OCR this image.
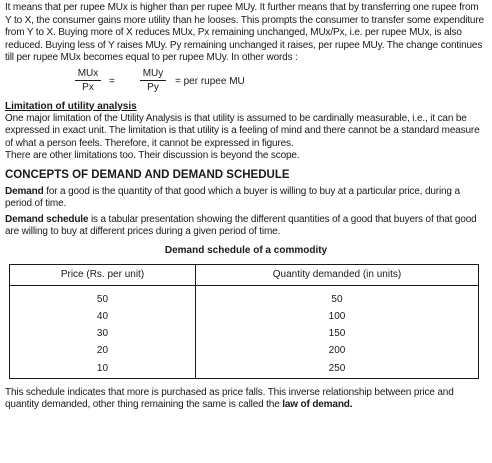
It means that per rupee MUx is higher than per rupee MUy. It further means that by transferring one rupee from Y to X, the consumer gains more utility than he looses. This prompts the consumer to transfer some expenditure from Y to X. Buying more of X reduces MUx, Px remaining unchanged, MUx/Px, i.e. per rupee MUx, is also reduced. Buying less of Y raises MUy. Py remaining unchanged it raises, per rupee MUy. The change continues till per rupee MUx becomes equal to per rupee MUy. In other words :

MUx
Px
=
MUy
Py
= per rupee MU
Limitation of utility analysis

One major limitation of the Utility Analysis is that utility is assumed to be cardinally measurable, i.e., it can be expressed in exact unit. The limitation is that utility is a feeling of mind and there cannot be a standard measure of what a person feels. Therefore, it cannot be expressed in figures.

There are other limitations too. Their discussion is beyond the scope.

CONCEPTS OF DEMAND AND DEMAND SCHEDULE

Demand for a good is the quantity of that good which a buyer is willing to buy at a particular price, during a period of time.

Demand schedule is a tabular presentation showing the different quantities of a good that buyers of that good are willing to buy at different prices during a given period of time.

Demand schedule of a commodity
Price (Rs. per unit)	Quantity demanded (in units)
50	50
40	100
30	150
20	200
10	250

This schedule indicates that more is purchased as price falls. This inverse relationship between price and quantity demanded, other thing remaining the same is called the law of demand.
